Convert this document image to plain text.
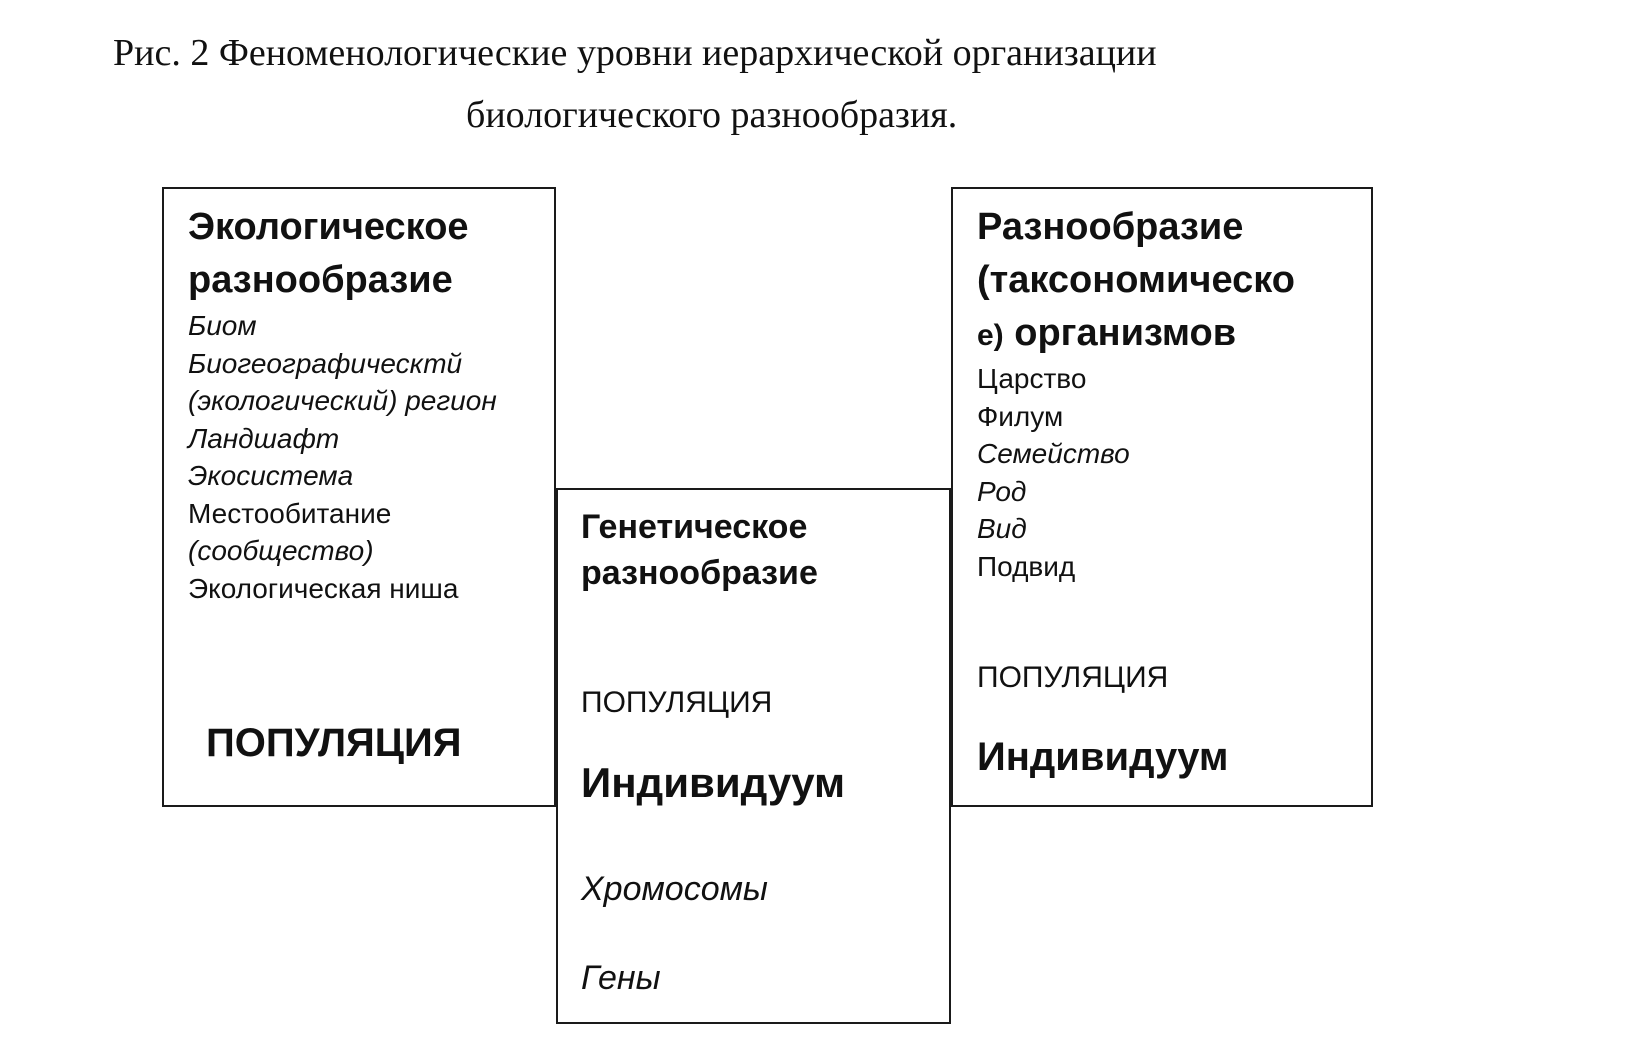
Рис. 2 Феноменологические уровни иерархической организации
биологического разнообразия.
Экологическое
разнообразие
Биом
Биогеографическтй
(экологический) регион
Ландшафт
Экосистема
Местообитание
(сообщество)
Экологическая ниша
ПОПУЛЯЦИЯ
Генетическое
разнообразие
ПОПУЛЯЦИЯ
Индивидуум
Хромосомы
Гены
Разнообразие
(таксономическо
е) организмов
Царство
Филум
Семейство
Род
Вид
Подвид
ПОПУЛЯЦИЯ
Индивидуум
